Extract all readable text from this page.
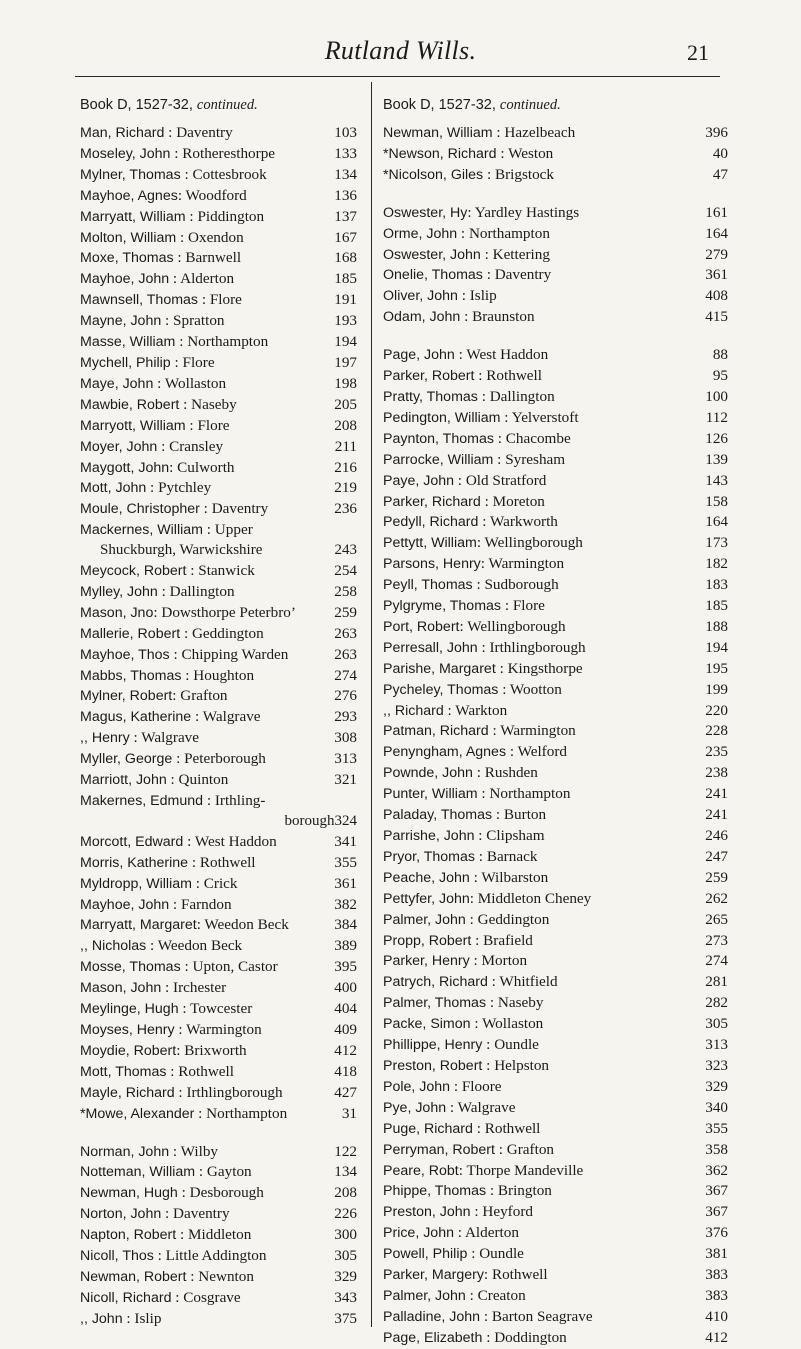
Rutland Wills.	21
Book D, 1527-32, continued.
Man, Richard : Daventry	103
Moseley, John : Rotheresthorpe	133
Mylner, Thomas : Cottesbrook	134
Mayhoe, Agnes: Woodford	136
Marryatt, William : Piddington	137
Molton, William : Oxendon	167
Moxe, Thomas : Barnwell	168
Mayhoe, John : Alderton	185
Mawnsell, Thomas : Flore	191
Mayne, John : Spratton	193
Masse, William : Northampton	194
Mychell, Philip : Flore	197
Maye, John : Wollaston	198
Mawbie, Robert : Naseby	205
Marryott, William : Flore	208
Moyer, John : Cransley	211
Maygott, John: Culworth	216
Mott, John : Pytchley	219
Moule, Christopher : Daventry	236
Mackernes, William : Upper
Shuckburgh, Warwickshire	243
Meycock, Robert : Stanwick	254
Mylley, John : Dallington	258
Mason, Jno: Dowsthorpe Peterbro’	259
Mallerie, Robert : Geddington	263
Mayhoe, Thos : Chipping Warden	263
Mabbs, Thomas : Houghton	274
Mylner, Robert: Grafton	276
Magus, Katherine : Walgrave	293
,, Henry : Walgrave	308
Myller, George : Peterborough	313
Marriott, John : Quinton	321
Makernes, Edmund : Irthling-
borough 324
Morcott, Edward : West Haddon	341
Morris, Katherine : Rothwell	355
Myldropp, William : Crick	361
Mayhoe, John : Farndon	382
Marryatt, Margaret: Weedon Beck	384
,, Nicholas : Weedon Beck	389
Mosse, Thomas : Upton, Castor	395
Mason, John : Irchester	400
Meylinge, Hugh : Towcester	404
Moyses, Henry : Warmington	409
Moydie, Robert: Brixworth	412
Mott, Thomas : Rothwell	418
Mayle, Richard : Irthlingborough	427
*Mowe, Alexander : Northampton	31
Norman, John : Wilby	122
Notteman, William : Gayton	134
Newman, Hugh : Desborough	208
Norton, John : Daventry	226
Napton, Robert : Middleton	300
Nicoll, Thos : Little Addington	305
Newman, Robert : Newnton	329
Nicoll, Richard : Cosgrave	343
,, John : Islip	375
Book D, 1527-32, continued.
Newman, William : Hazelbeach	396
*Newson, Richard : Weston	40
*Nicolson, Giles : Brigstock	47
Oswester, Hy: Yardley Hastings	161
Orme, John : Northampton	164
Oswester, John : Kettering	279
Onelie, Thomas : Daventry	361
Oliver, John : Islip	408
Odam, John : Braunston	415
Page, John : West Haddon	88
Parker, Robert : Rothwell	95
Pratty, Thomas : Dallington	100
Pedington, William : Yelverstoft	112
Paynton, Thomas : Chacombe	126
Parrocke, William : Syresham	139
Paye, John : Old Stratford	143
Parker, Richard : Moreton	158
Pedyll, Richard : Warkworth	164
Pettytt, William: Wellingborough	173
Parsons, Henry: Warmington	182
Peyll, Thomas : Sudborough	183
Pylgryme, Thomas : Flore	185
Port, Robert: Wellingborough	188
Perresall, John : Irthlingborough	194
Parishe, Margaret : Kingsthorpe	195
Pycheley, Thomas : Wootton	199
,, Richard : Warkton	220
Patman, Richard : Warmington	228
Penyngham, Agnes : Welford	235
Pownde, John : Rushden	238
Punter, William : Northampton	241
Paladay, Thomas : Burton	241
Parrishe, John : Clipsham	246
Pryor, Thomas : Barnack	247
Peache, John : Wilbarston	259
Pettyfer, John: Middleton Cheney	262
Palmer, John : Geddington	265
Propp, Robert : Brafield	273
Parker, Henry : Morton	274
Patrych, Richard : Whitfield	281
Palmer, Thomas : Naseby	282
Packe, Simon : Wollaston	305
Phillippe, Henry : Oundle	313
Preston, Robert : Helpston	323
Pole, John : Floore	329
Pye, John : Walgrave	340
Puge, Richard : Rothwell	355
Perryman, Robert : Grafton	358
Peare, Robt: Thorpe Mandeville	362
Phippe, Thomas : Brington	367
Preston, John : Heyford	367
Price, John : Alderton	376
Powell, Philip : Oundle	381
Parker, Margery: Rothwell	383
Palmer, John : Creaton	383
Palladine, John : Barton Seagrave	410
Page, Elizabeth : Doddington	412
